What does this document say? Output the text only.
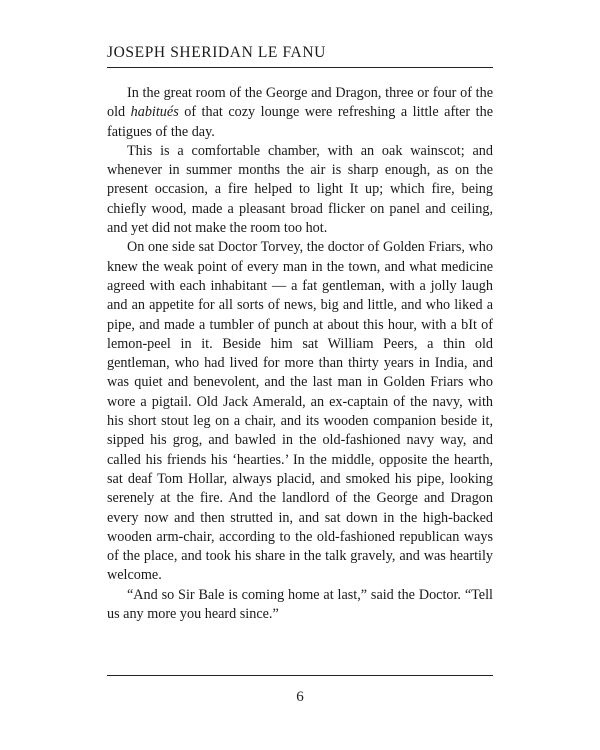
JOSEPH SHERIDAN LE FANU

In the great room of the George and Dragon, three or four of the old habitués of that cozy lounge were refreshing a little after the fatigues of the day.

This is a comfortable chamber, with an oak wainscot; and whenever in summer months the air is sharp enough, as on the present occasion, a fire helped to light It up; which fire, being chiefly wood, made a pleasant broad flicker on panel and ceiling, and yet did not make the room too hot.

On one side sat Doctor Torvey, the doctor of Golden Friars, who knew the weak point of every man in the town, and what medicine agreed with each inhabitant — a fat gentleman, with a jolly laugh and an appetite for all sorts of news, big and little, and who liked a pipe, and made a tumbler of punch at about this hour, with a bIt of lemon-peel in it. Beside him sat William Peers, a thin old gentleman, who had lived for more than thirty years in India, and was quiet and benevolent, and the last man in Golden Friars who wore a pigtail. Old Jack Amerald, an ex-captain of the navy, with his short stout leg on a chair, and its wooden companion beside it, sipped his grog, and bawled in the old-fashioned navy way, and called his friends his ‘hearties.’ In the middle, opposite the hearth, sat deaf Tom Hollar, always placid, and smoked his pipe, looking serenely at the fire. And the landlord of the George and Dragon every now and then strutted in, and sat down in the high-backed wooden arm-chair, according to the old-fashioned republican ways of the place, and took his share in the talk gravely, and was heartily welcome.

“And so Sir Bale is coming home at last,” said the Doctor. “Tell us any more you heard since.”

6
